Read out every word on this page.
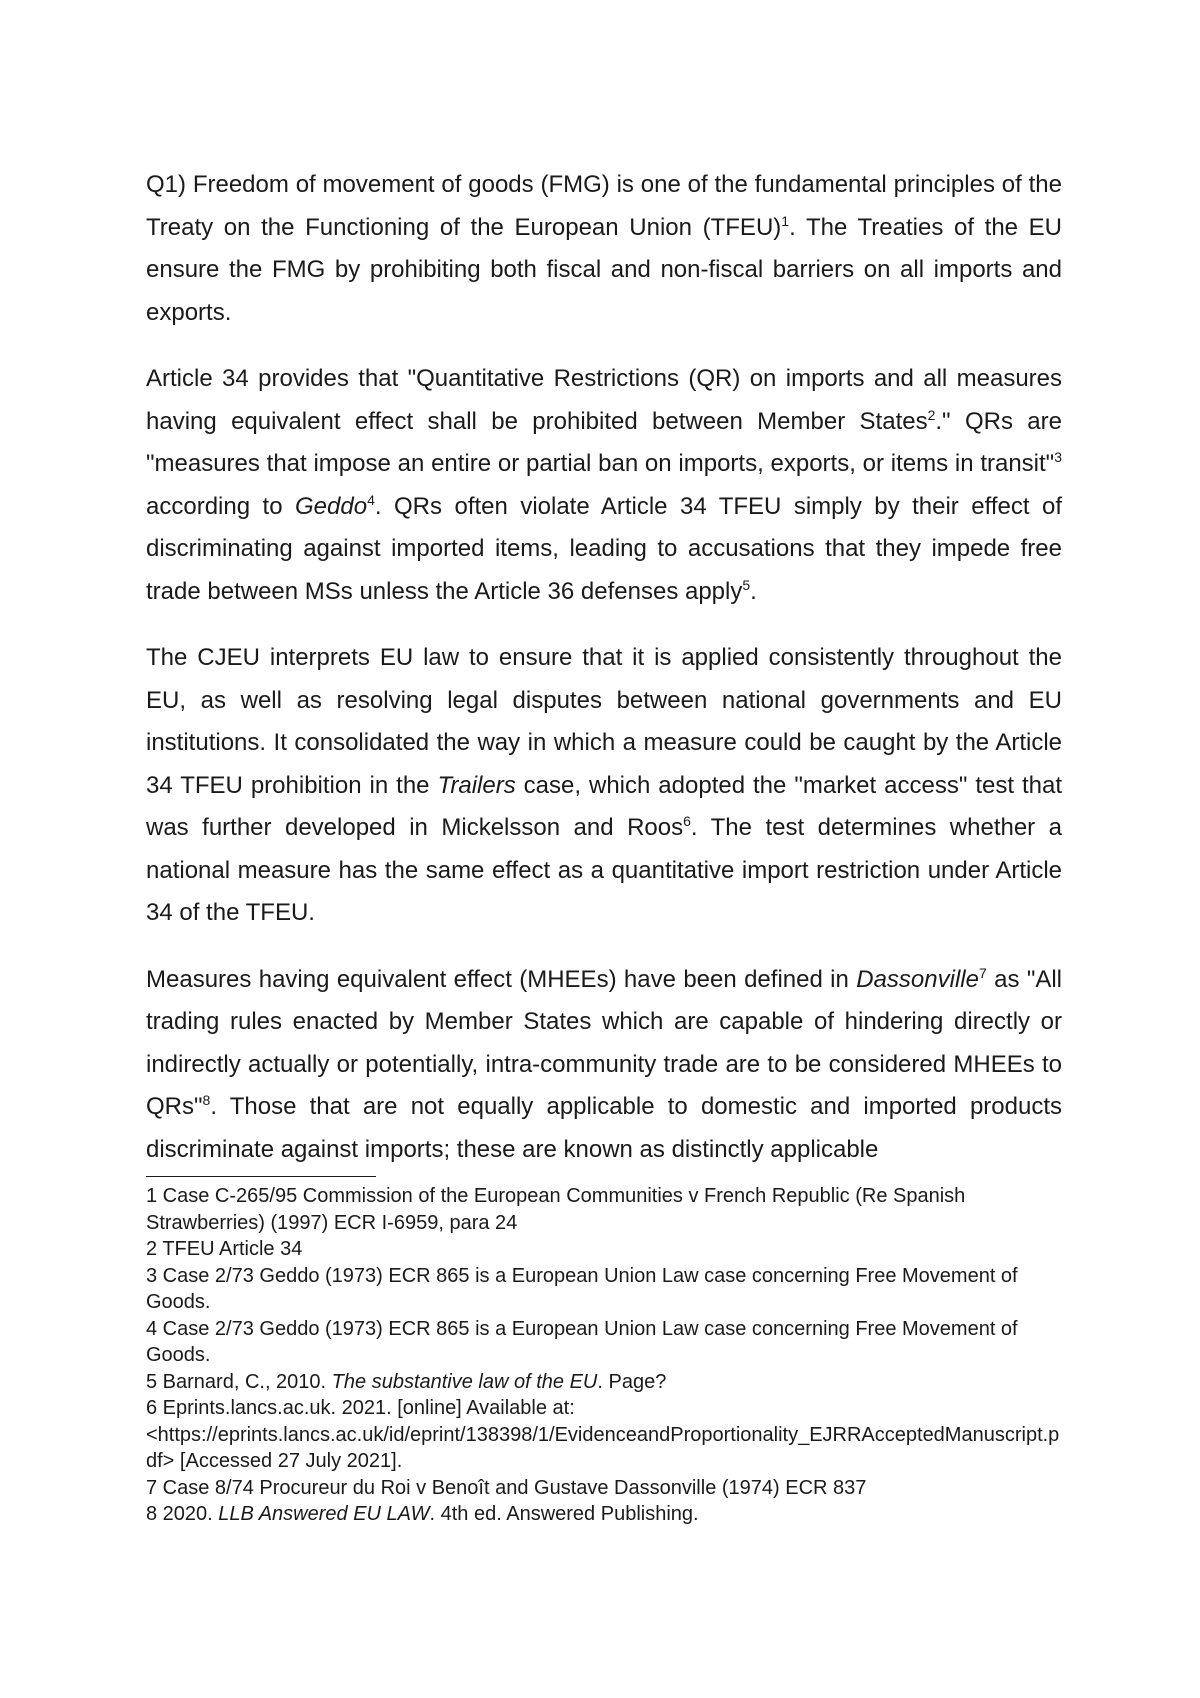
Q1) Freedom of movement of goods (FMG) is one of the fundamental principles of the Treaty on the Functioning of the European Union (TFEU)$^1$. The Treaties of the EU ensure the FMG by prohibiting both fiscal and non-fiscal barriers on all imports and exports.

Article 34 provides that "Quantitative Restrictions (QR) on imports and all measures having equivalent effect shall be prohibited between Member States$^2$." QRs are "measures that impose an entire or partial ban on imports, exports, or items in transit"$^3$ according to Geddo$^4$. QRs often violate Article 34 TFEU simply by their effect of discriminating against imported items, leading to accusations that they impede free trade between MSs unless the Article 36 defenses apply$^5$.

The CJEU interprets EU law to ensure that it is applied consistently throughout the EU, as well as resolving legal disputes between national governments and EU institutions. It consolidated the way in which a measure could be caught by the Article 34 TFEU prohibition in the Trailers case, which adopted the "market access" test that was further developed in Mickelsson and Roos$^6$. The test determines whether a national measure has the same effect as a quantitative import restriction under Article 34 of the TFEU.

Measures having equivalent effect (MHEEs) have been defined in Dassonville$^7$ as "All trading rules enacted by Member States which are capable of hindering directly or indirectly actually or potentially, intra-community trade are to be considered MHEEs to QRs"$^8$. Those that are not equally applicable to domestic and imported products discriminate against imports; these are known as distinctly applicable

1 Case C-265/95 Commission of the European Communities v French Republic (Re Spanish Strawberries) (1997) ECR I-6959, para 24

2 TFEU Article 34

3 Case 2/73 Geddo (1973) ECR 865 is a European Union Law case concerning Free Movement of Goods.

4 Case 2/73 Geddo (1973) ECR 865 is a European Union Law case concerning Free Movement of Goods.

5 Barnard, C., 2010. The substantive law of the EU. Page?

6 Eprints.lancs.ac.uk. 2021. [online] Available at:
<https://eprints.lancs.ac.uk/id/eprint/138398/1/EvidenceandProportionality_EJRRAcceptedManuscript.pdf> [Accessed 27 July 2021].

7 Case 8/74 Procureur du Roi v Benoît and Gustave Dassonville (1974) ECR 837

8 2020. LLB Answered EU LAW. 4th ed. Answered Publishing.
